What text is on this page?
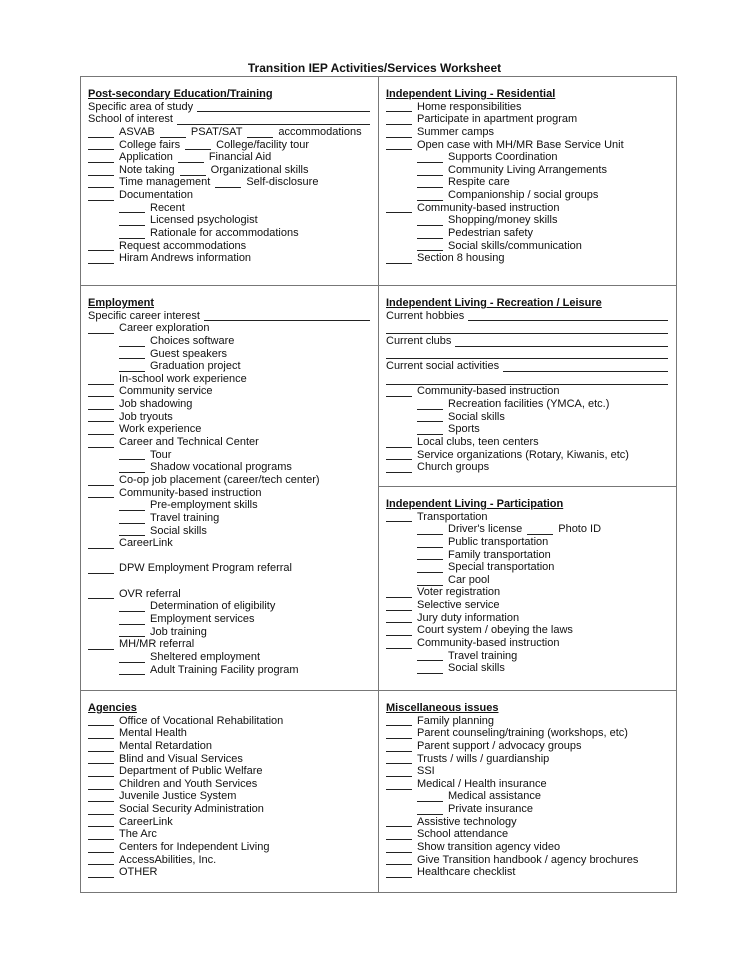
Transition IEP Activities/Services Worksheet
Post-secondary Education/Training
Specific area of study
School of interest
ASVAB	PSAT/SAT	accommodations
College fairs	College/facility tour
Application	Financial Aid
Note taking	Organizational skills
Time management	Self-disclosure
Documentation
Recent
Licensed psychologist
Rationale for accommodations
Request accommodations
Hiram Andrews information
Independent Living - Residential
Home responsibilities
Participate in apartment program
Summer camps
Open case with MH/MR Base Service Unit
Supports Coordination
Community Living Arrangements
Respite care
Companionship / social groups
Community-based instruction
Shopping/money skills
Pedestrian safety
Social skills/communication
Section 8 housing
Employment
Specific career interest
Career exploration
Choices software
Guest speakers
Graduation project
In-school work experience
Community service
Job shadowing
Job tryouts
Work experience
Career and Technical Center
Tour
Shadow vocational programs
Co-op job placement (career/tech center)
Community-based instruction
Pre-employment skills
Travel training
Social skills
CareerLink
DPW Employment Program referral
OVR referral
Determination of eligibility
Employment services
Job training
MH/MR referral
Sheltered employment
Adult Training Facility program
Independent Living - Recreation / Leisure
Current hobbies
Current clubs
Current social activities
Community-based instruction
Recreation facilities (YMCA, etc.)
Social skills
Sports
Local clubs, teen centers
Service organizations (Rotary, Kiwanis, etc)
Church groups
Independent Living - Participation
Transportation
Driver's license	Photo ID
Public transportation
Family transportation
Special transportation
Car pool
Voter registration
Selective service
Jury duty information
Court system / obeying the laws
Community-based instruction
Travel training
Social skills
Agencies
Office of Vocational Rehabilitation
Mental Health
Mental Retardation
Blind and Visual Services
Department of Public Welfare
Children and Youth Services
Juvenile Justice System
Social Security Administration
CareerLink
The Arc
Centers for Independent Living
AccessAbilities, Inc.
OTHER
Miscellaneous issues
Family planning
Parent counseling/training (workshops, etc)
Parent support / advocacy groups
Trusts / wills / guardianship
SSI
Medical / Health insurance
Medical assistance
Private insurance
Assistive technology
School attendance
Show transition agency video
Give Transition handbook / agency brochures
Healthcare checklist
